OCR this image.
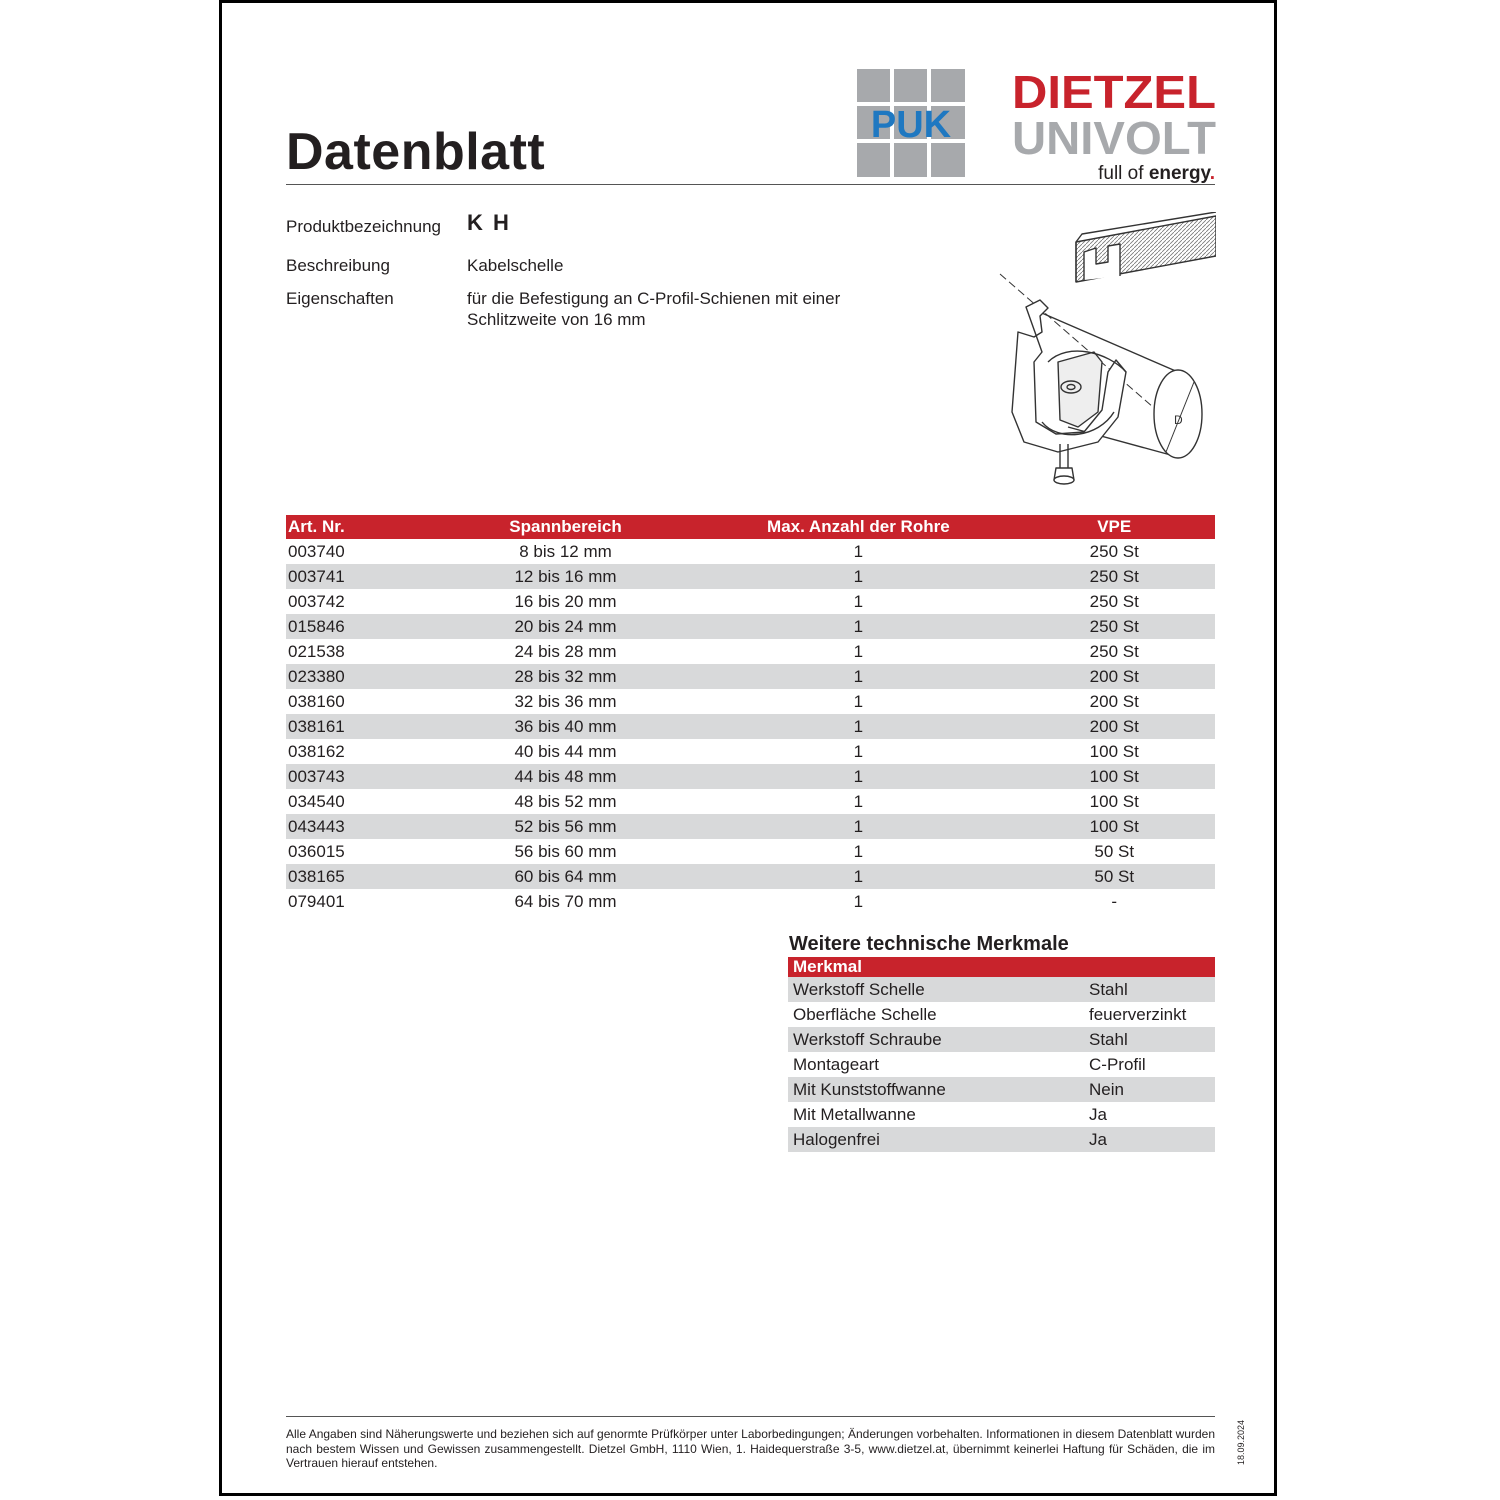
Datenblatt	PUK
DIETZEL
UNIVOLT
full of energy.
Produktbezeichnung K H
Beschreibung	Kabelschelle
Eigenschaften	für die Befestigung an C-Profil-Schienen mit einer
Schlitzweite von 16 mm
D
Art. Nr.	Spannbereich	Max. Anzahl der Rohre	VPE
003740	8 bis 12 mm	1	250 St
003741	12 bis 16 mm	1	250 St
003742	16 bis 20 mm	1	250 St
015846	20 bis 24 mm	1	250 St
021538	24 bis 28 mm	1	250 St
023380	28 bis 32 mm	1	200 St
038160	32 bis 36 mm	1	200 St
038161	36 bis 40 mm	1	200 St
038162	40 bis 44 mm	1	100 St
003743	44 bis 48 mm	1	100 St
034540	48 bis 52 mm	1	100 St
043443	52 bis 56 mm	1	100 St
036015	56 bis 60 mm	1	50 St
038165	60 bis 64 mm	1	50 St
079401	64 bis 70 mm	1	-
Weitere technische Merkmale
Merkmal	
Werkstoff Schelle	Stahl
Oberfläche Schelle	feuerverzinkt
Werkstoff Schraube	Stahl
Montageart	C-Profil
Mit Kunststoffwanne	Nein
Mit Metallwanne	Ja
Halogenfrei	Ja
Alle Angaben sind Näherungswerte und beziehen sich auf genormte Prüfkörper unter Laborbedingungen; Änderungen vorbehalten. Informationen in diesem Datenblatt wurden nach bestem Wissen und Gewissen zusammengestellt. Dietzel GmbH, 1110 Wien, 1. Haidequerstraße 3-5, www.dietzel.at, übernimmt keinerlei Haftung für Schäden, die im Vertrauen hierauf entstehen.	18.09.2024
